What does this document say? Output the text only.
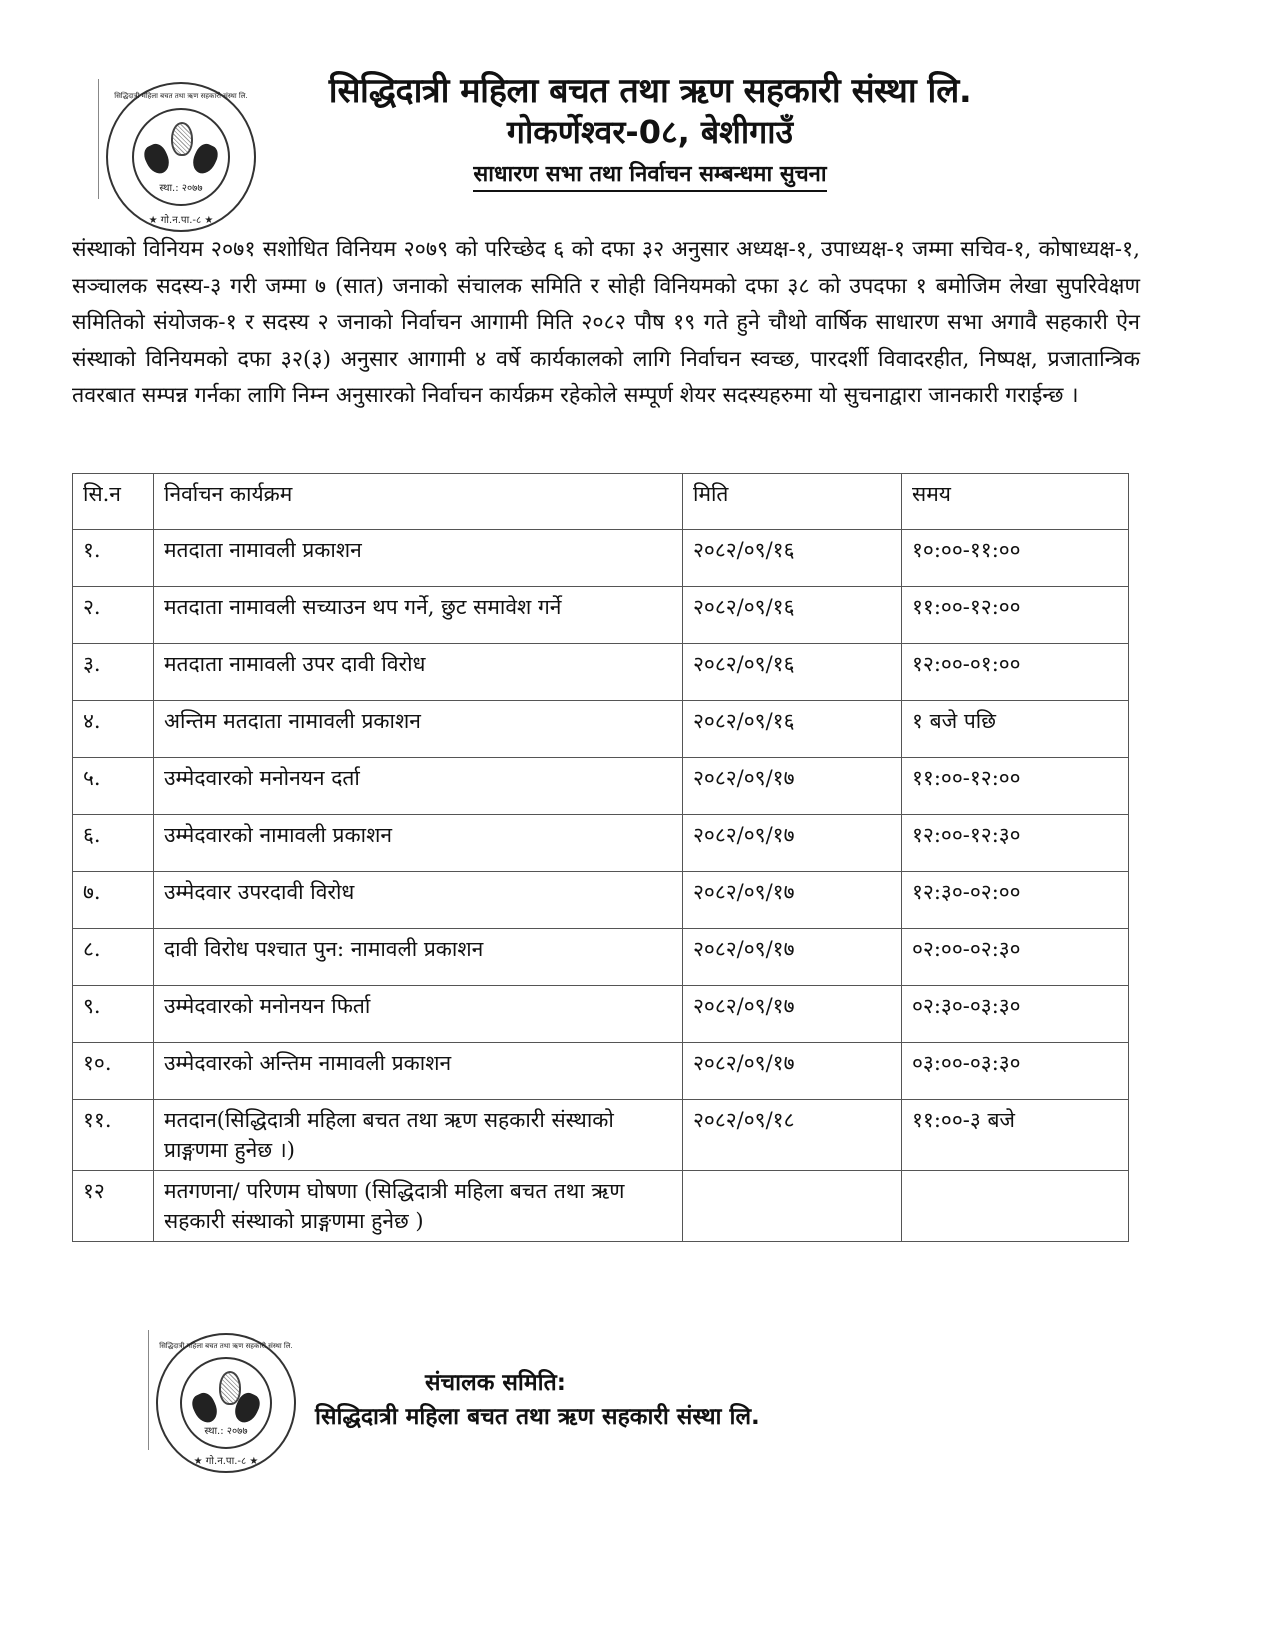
सिद्धिदात्री महिला बचत तथा ऋण सहकारी संस्था लि.
स्था.: २०७७
★ गो.न.पा.-८ ★
सिद्धिदात्री महिला बचत तथा ऋण सहकारी संस्था लि.
गोकर्णेश्वर-0८, बेशीगाउँ
साधारण सभा तथा निर्वाचन सम्बन्धमा सुचना
संस्थाको विनियम २०७१ सशोधित विनियम २०७९ को परिच्छेद ६ को दफा ३२ अनुसार अध्यक्ष-१, उपाध्यक्ष-१ जम्मा सचिव-१, कोषाध्यक्ष-१, सञ्चालक सदस्य-३ गरी जम्मा ७ (सात) जनाको संचालक समिति र सोही विनियमको दफा ३८ को उपदफा १ बमोजिम लेखा सुपरिवेक्षण समितिको संयोजक-१ र सदस्य २ जनाको निर्वाचन आगामी मिति २०८२ पौष १९ गते हुने चौथो वार्षिक साधारण सभा अगावै सहकारी ऐन संस्थाको विनियमको दफा ३२(३) अनुसार आगामी ४ वर्षे कार्यकालको लागि निर्वाचन स्वच्छ, पारदर्शी विवादरहीत, निष्पक्ष, प्रजातान्त्रिक तवरबात सम्पन्न गर्नका लागि निम्न अनुसारको निर्वाचन कार्यक्रम रहेकोले सम्पूर्ण शेयर सदस्यहरुमा यो सुचनाद्वारा जानकारी गराईन्छ ।
सि.न	निर्वाचन कार्यक्रम	मिति	समय
१.	मतदाता नामावली प्रकाशन	२०८२/०९/१६	१०:००-११:००
२.	मतदाता नामावली सच्याउन थप गर्ने, छुट समावेश गर्ने	२०८२/०९/१६	११:००-१२:००
३.	मतदाता नामावली उपर दावी विरोध	२०८२/०९/१६	१२:००-०१:००
४.	अन्तिम मतदाता नामावली प्रकाशन	२०८२/०९/१६	१ बजे पछि
५.	उम्मेदवारको मनोनयन दर्ता	२०८२/०९/१७	११:००-१२:००
६.	उम्मेदवारको नामावली प्रकाशन	२०८२/०९/१७	१२:००-१२:३०
७.	उम्मेदवार उपरदावी विरोध	२०८२/०९/१७	१२:३०-०२:००
८.	दावी विरोध पश्चात पुन: नामावली प्रकाशन	२०८२/०९/१७	०२:००-०२:३०
९.	उम्मेदवारको मनोनयन फिर्ता	२०८२/०९/१७	०२:३०-०३:३०
१०.	उम्मेदवारको अन्तिम नामावली प्रकाशन	२०८२/०९/१७	०३:००-०३:३०
११.	मतदान(सिद्धिदात्री महिला बचत तथा ऋण सहकारी संस्थाको प्राङ्गणमा हुनेछ ।)	२०८२/०९/१८	११:००-३ बजे
१२	मतगणना/ परिणम घोषणा (सिद्धिदात्री महिला बचत तथा ऋण सहकारी संस्थाको प्राङ्गणमा हुनेछ )		
सिद्धिदात्री महिला बचत तथा ऋण सहकारी संस्था लि.
स्था.: २०७७
★ गो.न.पा.-८ ★
संचालक समिति:
सिद्धिदात्री महिला बचत तथा ऋण सहकारी संस्था लि.
